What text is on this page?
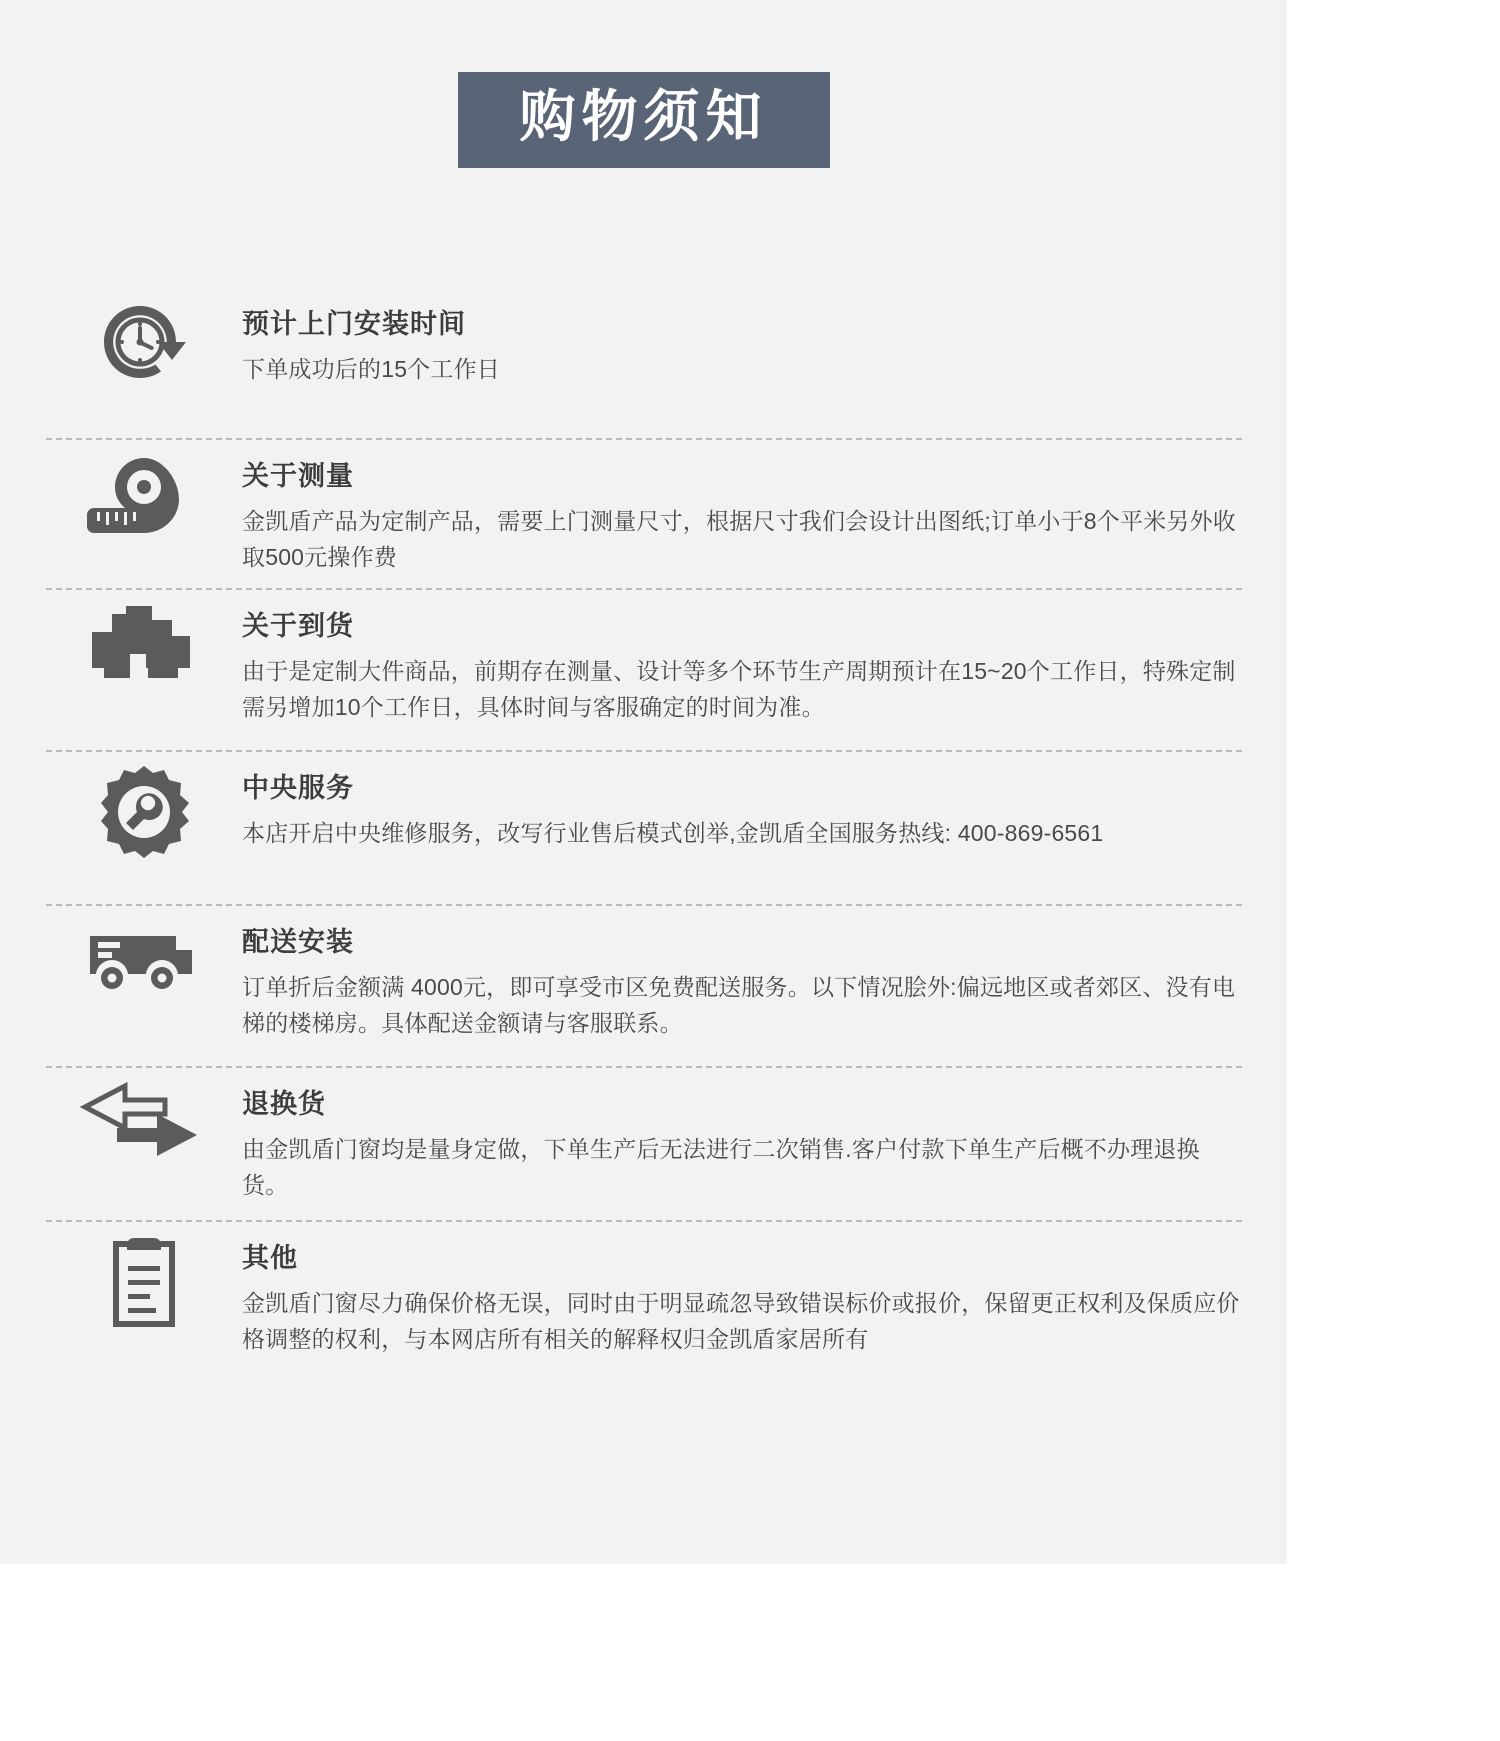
购物须知

预计上门安装时间

下单成功后的15个工作日

关于测量

金凯盾产品为定制产品，需要上门测量尺寸，根据尺寸我们会设计出图纸;订单小于8个平米另外收取500元操作费

关于到货

由于是定制大件商品，前期存在测量、设计等多个环节生产周期预计在15~20个工作日，特殊定制需另增加10个工作日，具体时间与客服确定的时间为准。

中央服务

本店开启中央维修服务，改写行业售后模式创举,金凯盾全国服务热线: 400-869-6561

配送安装

订单折后金额满 4000元，即可享受市区免费配送服务。以下情况脍外:偏远地区或者郊区、没有电梯的楼梯房。具体配送金额请与客服联系。

退换货

由金凯盾门窗均是量身定做，下单生产后无法进行二次销售.客户付款下单生产后概不办理退换货。

其他

金凯盾门窗尽力确保价格无误，同时由于明显疏忽导致错误标价或报价，保留更正权利及保质应价格调整的权利，与本网店所有相关的解释权归金凯盾家居所有
